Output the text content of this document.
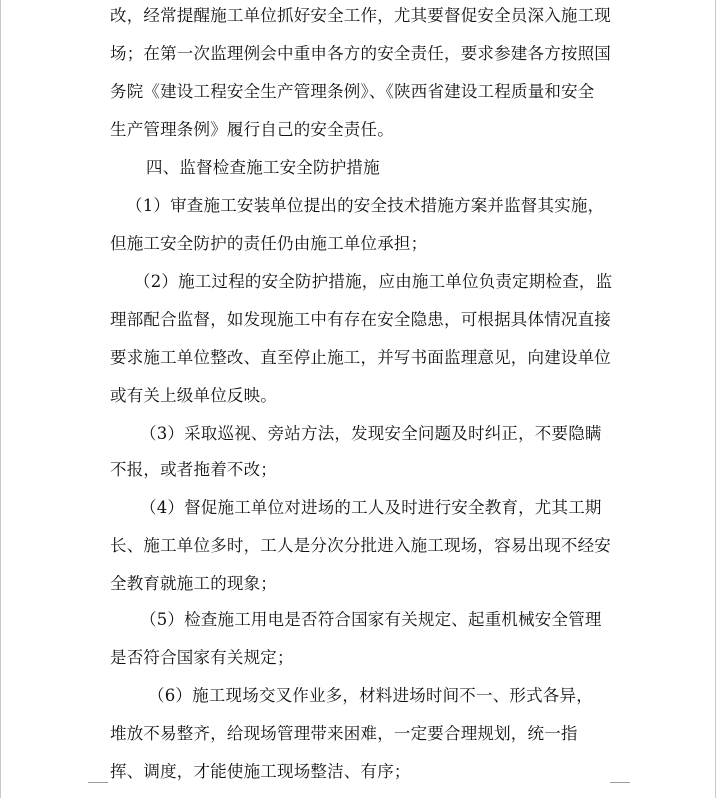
改，经常提醒施工单位抓好安全工作，尤其要督促安全员深入施工现
场；在第一次监理例会中重申各方的安全责任，要求参建各方按照国
务院《建设工程安全生产管理条例》、《陕西省建设工程质量和安全
生产管理条例》履行自己的安全责任。
四、监督检查施工安全防护措施
（1）审查施工安装单位提出的安全技术措施方案并监督其实施，
但施工安全防护的责任仍由施工单位承担；
（2）施工过程的安全防护措施，应由施工单位负责定期检查，监
理部配合监督，如发现施工中有存在安全隐患，可根据具体情况直接
要求施工单位整改、直至停止施工，并写书面监理意见，向建设单位
或有关上级单位反映。
（3）采取巡视、旁站方法，发现安全问题及时纠正，不要隐瞒
不报，或者拖着不改；
（4）督促施工单位对进场的工人及时进行安全教育，尤其工期
长、施工单位多时，工人是分次分批进入施工现场，容易出现不经安
全教育就施工的现象；
（5）检查施工用电是否符合国家有关规定、起重机械安全管理
是否符合国家有关规定；
（6）施工现场交叉作业多，材料进场时间不一、形式各异，
堆放不易整齐，给现场管理带来困难，一定要合理规划，统一指
挥、调度，才能使施工现场整洁、有序；
